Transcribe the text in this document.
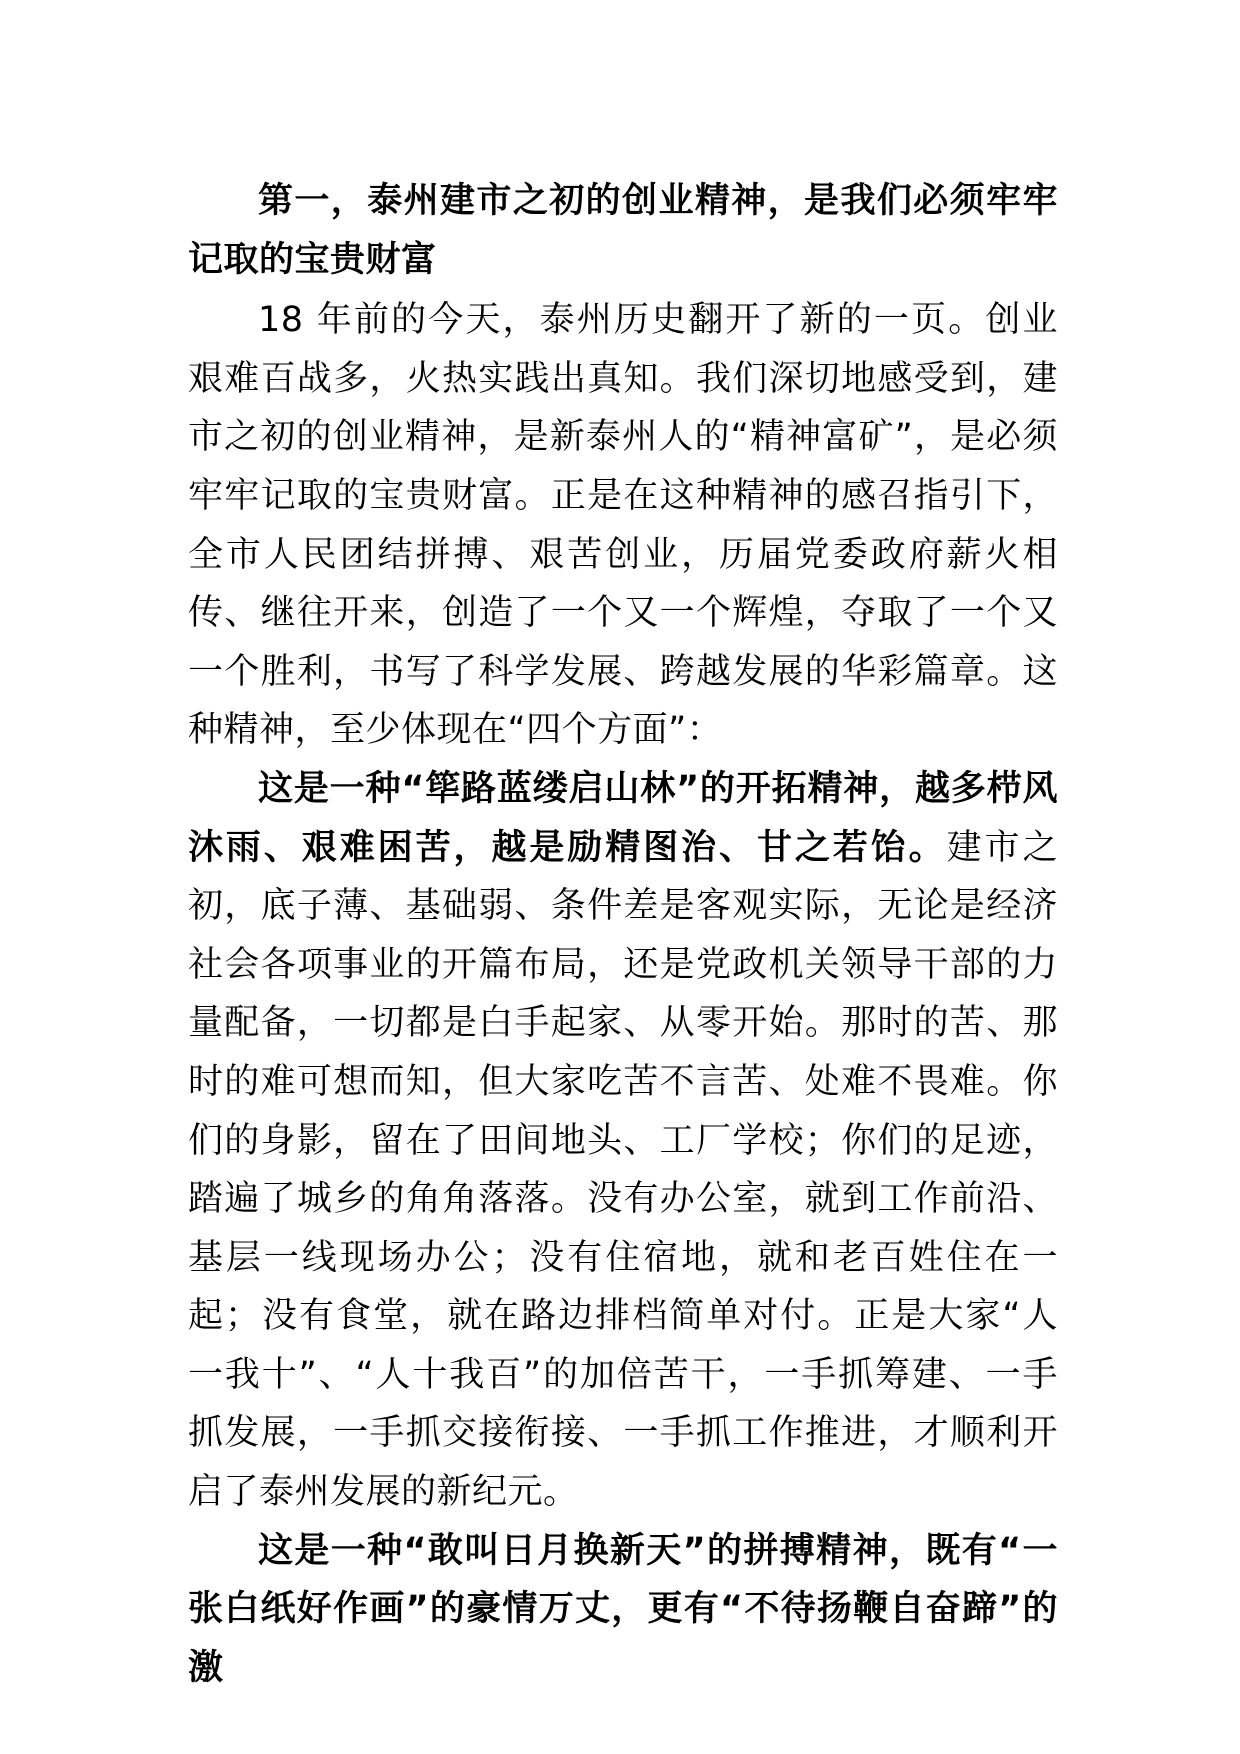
第一，泰州建市之初的创业精神，是我们必须牢牢记取的宝贵财富

18 年前的今天，泰州历史翻开了新的一页。创业艰难百战多，火热实践出真知。我们深切地感受到，建市之初的创业精神，是新泰州人的“精神富矿”，是必须牢牢记取的宝贵财富。正是在这种精神的感召指引下，全市人民团结拼搏、艰苦创业，历届党委政府薪火相传、继往开来，创造了一个又一个辉煌，夺取了一个又一个胜利，书写了科学发展、跨越发展的华彩篇章。这种精神，至少体现在“四个方面”：

这是一种“筚路蓝缕启山林”的开拓精神，越多栉风沐雨、艰难困苦，越是励精图治、甘之若饴。建市之初，底子薄、基础弱、条件差是客观实际，无论是经济社会各项事业的开篇布局，还是党政机关领导干部的力量配备，一切都是白手起家、从零开始。那时的苦、那时的难可想而知，但大家吃苦不言苦、处难不畏难。你们的身影，留在了田间地头、工厂学校；你们的足迹，踏遍了城乡的角角落落。没有办公室，就到工作前沿、基层一线现场办公；没有住宿地，就和老百姓住在一起；没有食堂，就在路边排档简单对付。正是大家“人一我十”、“人十我百”的加倍苦干，一手抓筹建、一手抓发展，一手抓交接衔接、一手抓工作推进，才顺利开启了泰州发展的新纪元。

这是一种“敢叫日月换新天”的拼搏精神，既有“一张白纸好作画”的豪情万丈，更有“不待扬鞭自奋蹄”的激
